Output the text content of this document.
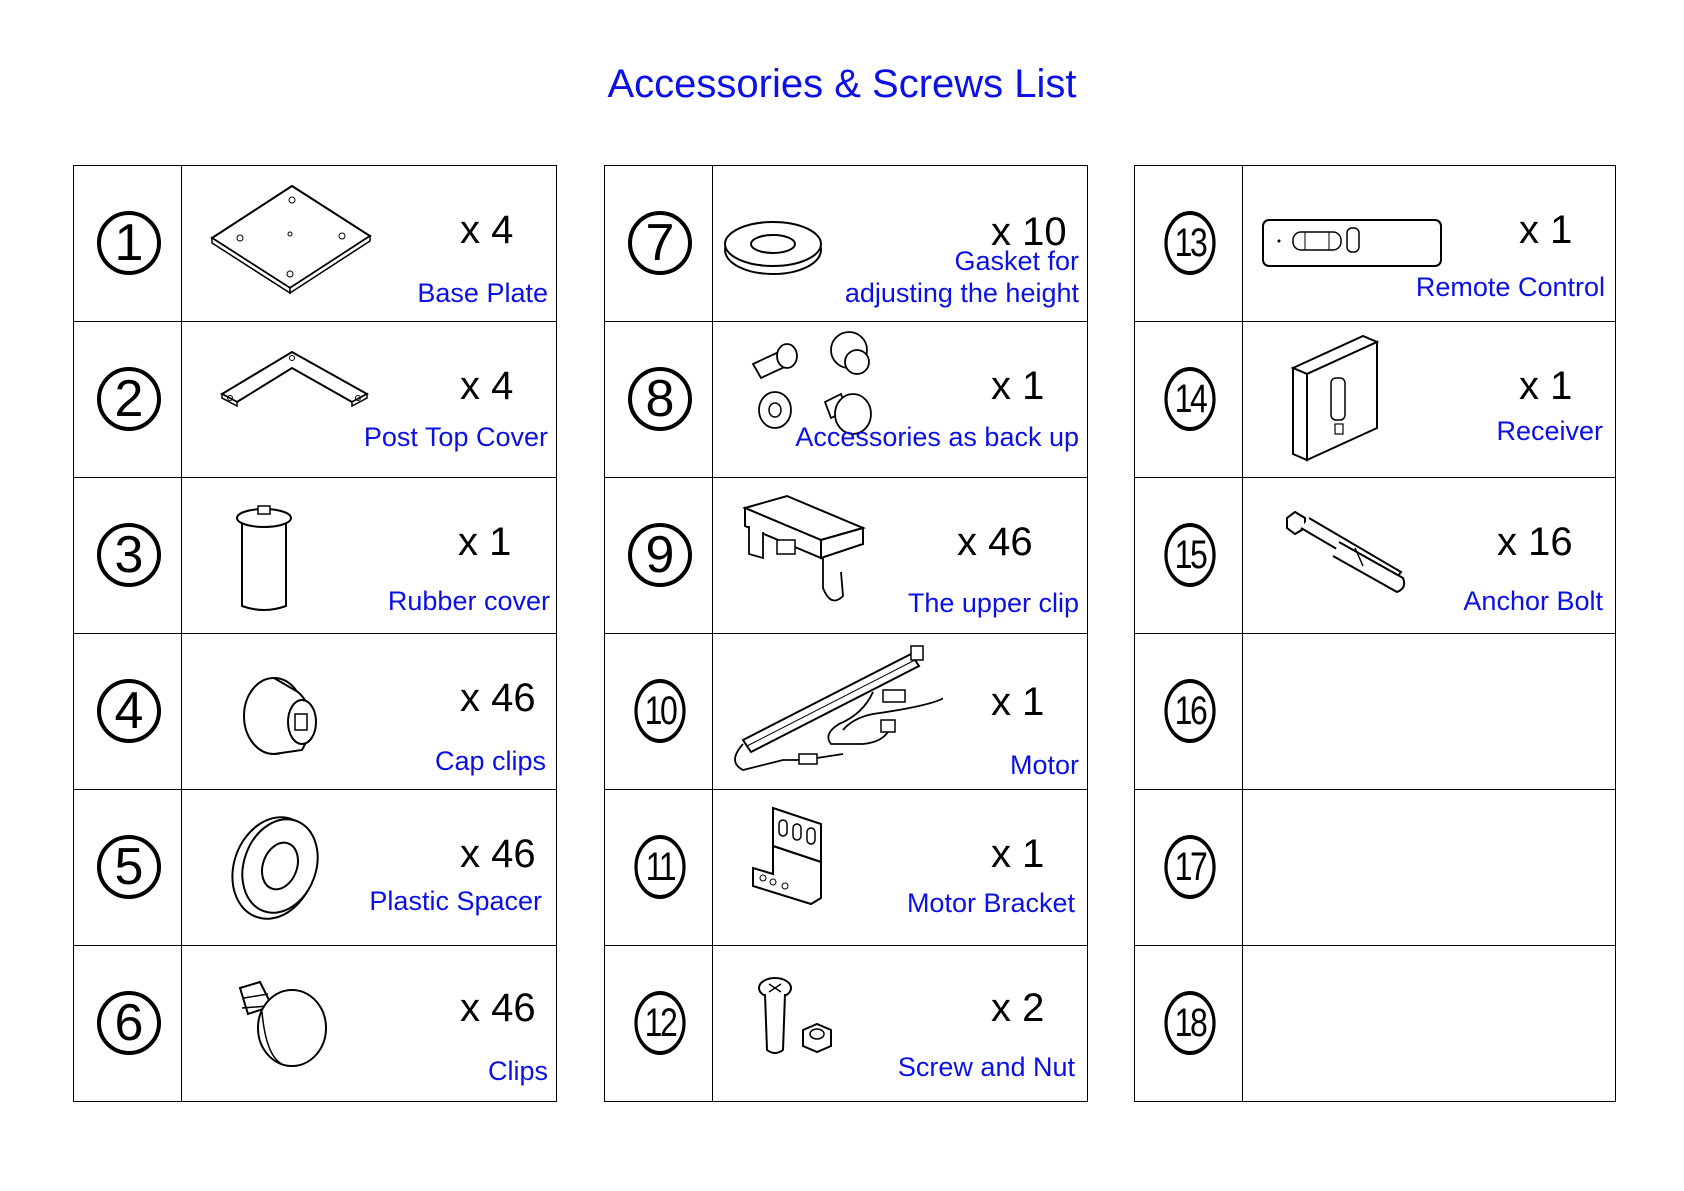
Accessories & Screws List
1	x 4
Base Plate
2	x 4
Post Top Cover
3	x 1
Rubber cover
4	x 46
Cap clips
5	x 46
Plastic Spacer
6	x 46
Clips
7	x 10
Gasket for
adjusting the height
8	x 1
Accessories as back up
9	x 46
The upper clip
10	x 1
Motor
11	x 1
Motor Bracket
12	x 2
Screw and Nut
13	x 1
Remote Control
14	x 1
Receiver
15	x 16
Anchor Bolt
16
17
18
